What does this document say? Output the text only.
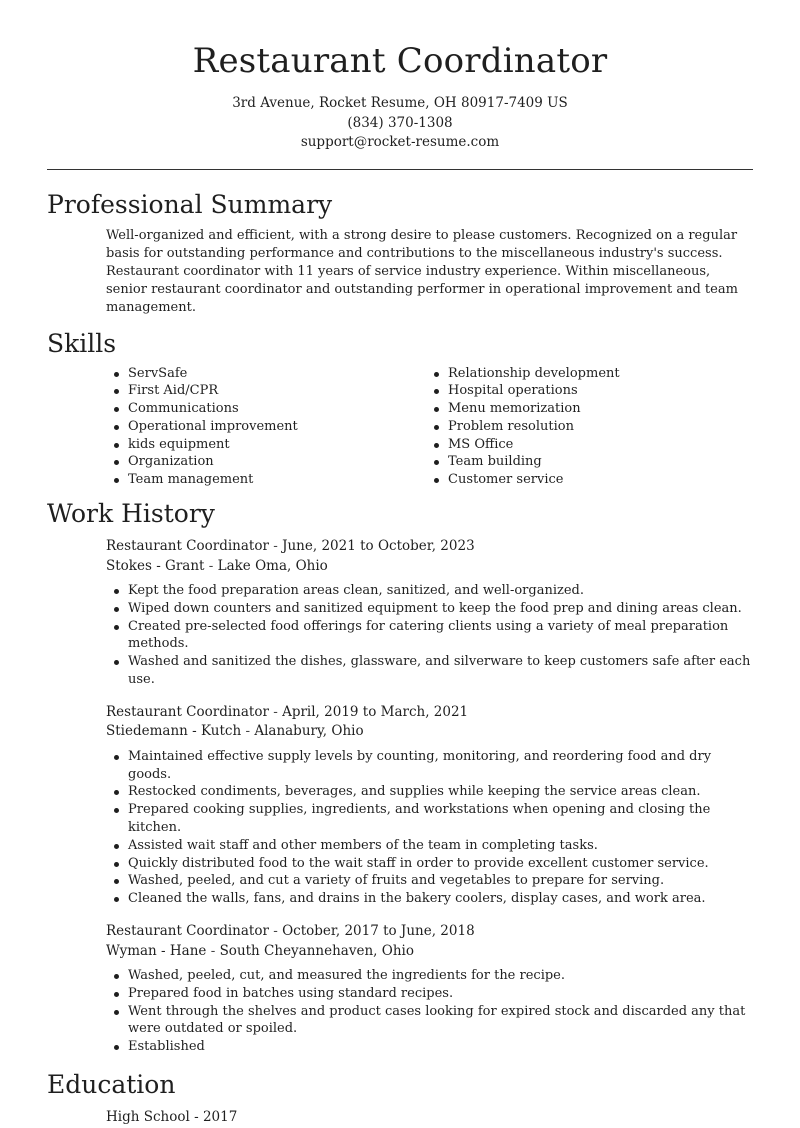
Restaurant Coordinator
3rd Avenue, Rocket Resume, OH 80917-7409 US
(834) 370-1308
support@rocket-resume.com
Professional Summary
Well-organized and efficient, with a strong desire to please customers. Recognized on a regular basis for outstanding performance and contributions to the miscellaneous industry's success. Restaurant coordinator with 11 years of service industry experience. Within miscellaneous, senior restaurant coordinator and outstanding performer in operational improvement and team management.
Skills
ServSafe
First Aid/CPR
Communications
Operational improvement
kids equipment
Organization
Team management
Relationship development
Hospital operations
Menu memorization
Problem resolution
MS Office
Team building
Customer service
Work History
Restaurant Coordinator - June, 2021 to October, 2023
Stokes - Grant - Lake Oma, Ohio
Kept the food preparation areas clean, sanitized, and well-organized.
Wiped down counters and sanitized equipment to keep the food prep and dining areas clean.
Created pre-selected food offerings for catering clients using a variety of meal preparation methods.
Washed and sanitized the dishes, glassware, and silverware to keep customers safe after each use.
Restaurant Coordinator - April, 2019 to March, 2021
Stiedemann - Kutch - Alanabury, Ohio
Maintained effective supply levels by counting, monitoring, and reordering food and dry goods.
Restocked condiments, beverages, and supplies while keeping the service areas clean.
Prepared cooking supplies, ingredients, and workstations when opening and closing the kitchen.
Assisted wait staff and other members of the team in completing tasks.
Quickly distributed food to the wait staff in order to provide excellent customer service.
Washed, peeled, and cut a variety of fruits and vegetables to prepare for serving.
Cleaned the walls, fans, and drains in the bakery coolers, display cases, and work area.
Restaurant Coordinator - October, 2017 to June, 2018
Wyman - Hane - South Cheyannehaven, Ohio
Washed, peeled, cut, and measured the ingredients for the recipe.
Prepared food in batches using standard recipes.
Went through the shelves and product cases looking for expired stock and discarded any that were outdated or spoiled.
Established
Education
High School - 2017
